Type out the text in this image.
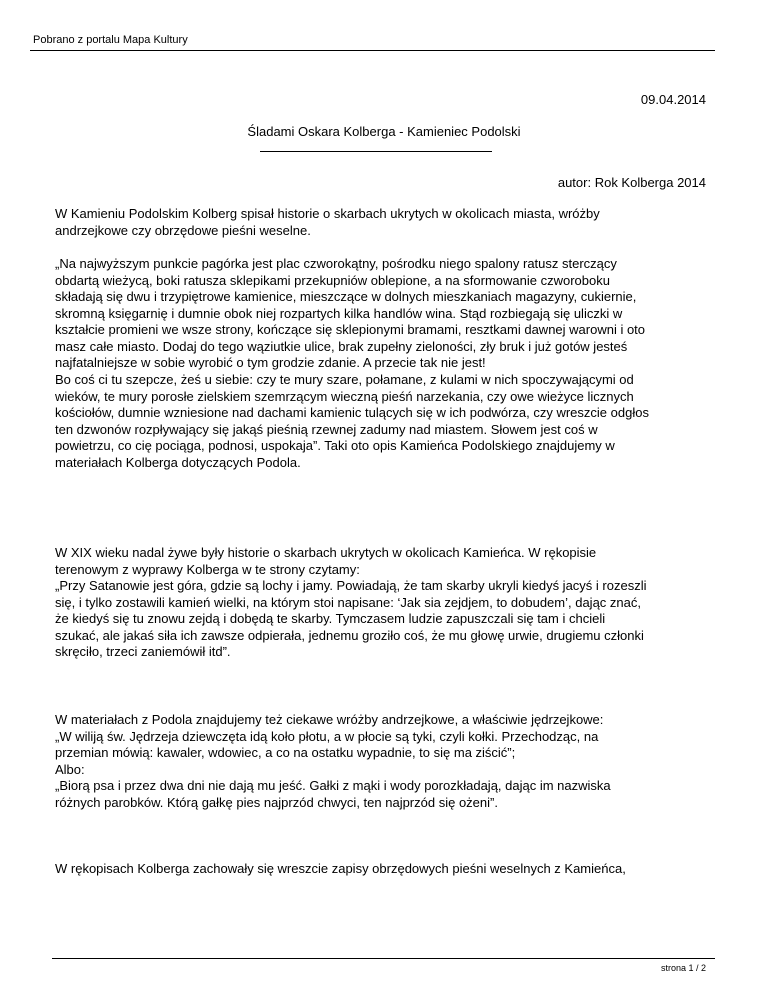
Pobrano z portalu Mapa Kultury
09.04.2014
Śladami Oskara Kolberga - Kamieniec Podolski
autor: Rok Kolberga 2014
W Kamieniu Podolskim Kolberg spisał historie o skarbach ukrytych w okolicach miasta, wróżby
andrzejkowe czy obrzędowe pieśni weselne.
„Na najwyższym punkcie pagórka jest plac czworokątny, pośrodku niego spalony ratusz sterczący
obdartą wieżycą, boki ratusza sklepikami przekupniów oblepione, a na sformowanie czworoboku
składają się dwu i trzypiętrowe kamienice, mieszczące w dolnych mieszkaniach magazyny, cukiernie,
skromną księgarnię i dumnie obok niej rozpartych kilka handlów wina. Stąd rozbiegają się uliczki w
kształcie promieni we wsze strony, kończące się sklepionymi bramami, resztkami dawnej warowni i oto
masz całe miasto. Dodaj do tego wąziutkie ulice, brak zupełny zieloności, zły bruk i już gotów jesteś
najfatalniejsze w sobie wyrobić o tym grodzie zdanie. A przecie tak nie jest!
Bo coś ci tu szepcze, żeś u siebie: czy te mury szare, połamane, z kulami w nich spoczywającymi od
wieków, te mury porosłe zielskiem szemrzącym wieczną pieśń narzekania, czy owe wieżyce licznych
kościołów, dumnie wzniesione nad dachami kamienic tulących się w ich podwórza, czy wreszcie odgłos
ten dzwonów rozpływający się jakąś pieśnią rzewnej zadumy nad miastem. Słowem jest coś w
powietrzu, co cię pociąga, podnosi, uspokaja”. Taki oto opis Kamieńca Podolskiego znajdujemy w
materiałach Kolberga dotyczących Podola.
W XIX wieku nadal żywe były historie o skarbach ukrytych w okolicach Kamieńca. W rękopisie
terenowym z wyprawy Kolberga w te strony czytamy:
„Przy Satanowie jest góra, gdzie są lochy i jamy. Powiadają, że tam skarby ukryli kiedyś jacyś i rozeszli
się, i tylko zostawili kamień wielki, na którym stoi napisane: ‘Jak sia zejdjem, to dobudem’, dając znać,
że kiedyś się tu znowu zejdą i dobędą te skarby. Tymczasem ludzie zapuszczali się tam i chcieli
szukać, ale jakaś siła ich zawsze odpierała, jednemu groziło coś, że mu głowę urwie, drugiemu członki
skręciło, trzeci zaniemówił itd”.
W materiałach z Podola znajdujemy też ciekawe wróżby andrzejkowe, a właściwie jędrzejkowe:
„W wiliją św. Jędrzeja dziewczęta idą koło płotu, a w płocie są tyki, czyli kołki. Przechodząc, na
przemian mówią: kawaler, wdowiec, a co na ostatku wypadnie, to się ma ziścić”;
Albo:
„Biorą psa i przez dwa dni nie dają mu jeść. Gałki z mąki i wody porozkładają, dając im nazwiska
różnych parobków. Którą gałkę pies najprzód chwyci, ten najprzód się ożeni”.
W rękopisach Kolberga zachowały się wreszcie zapisy obrzędowych pieśni weselnych z Kamieńca,
strona 1 / 2
